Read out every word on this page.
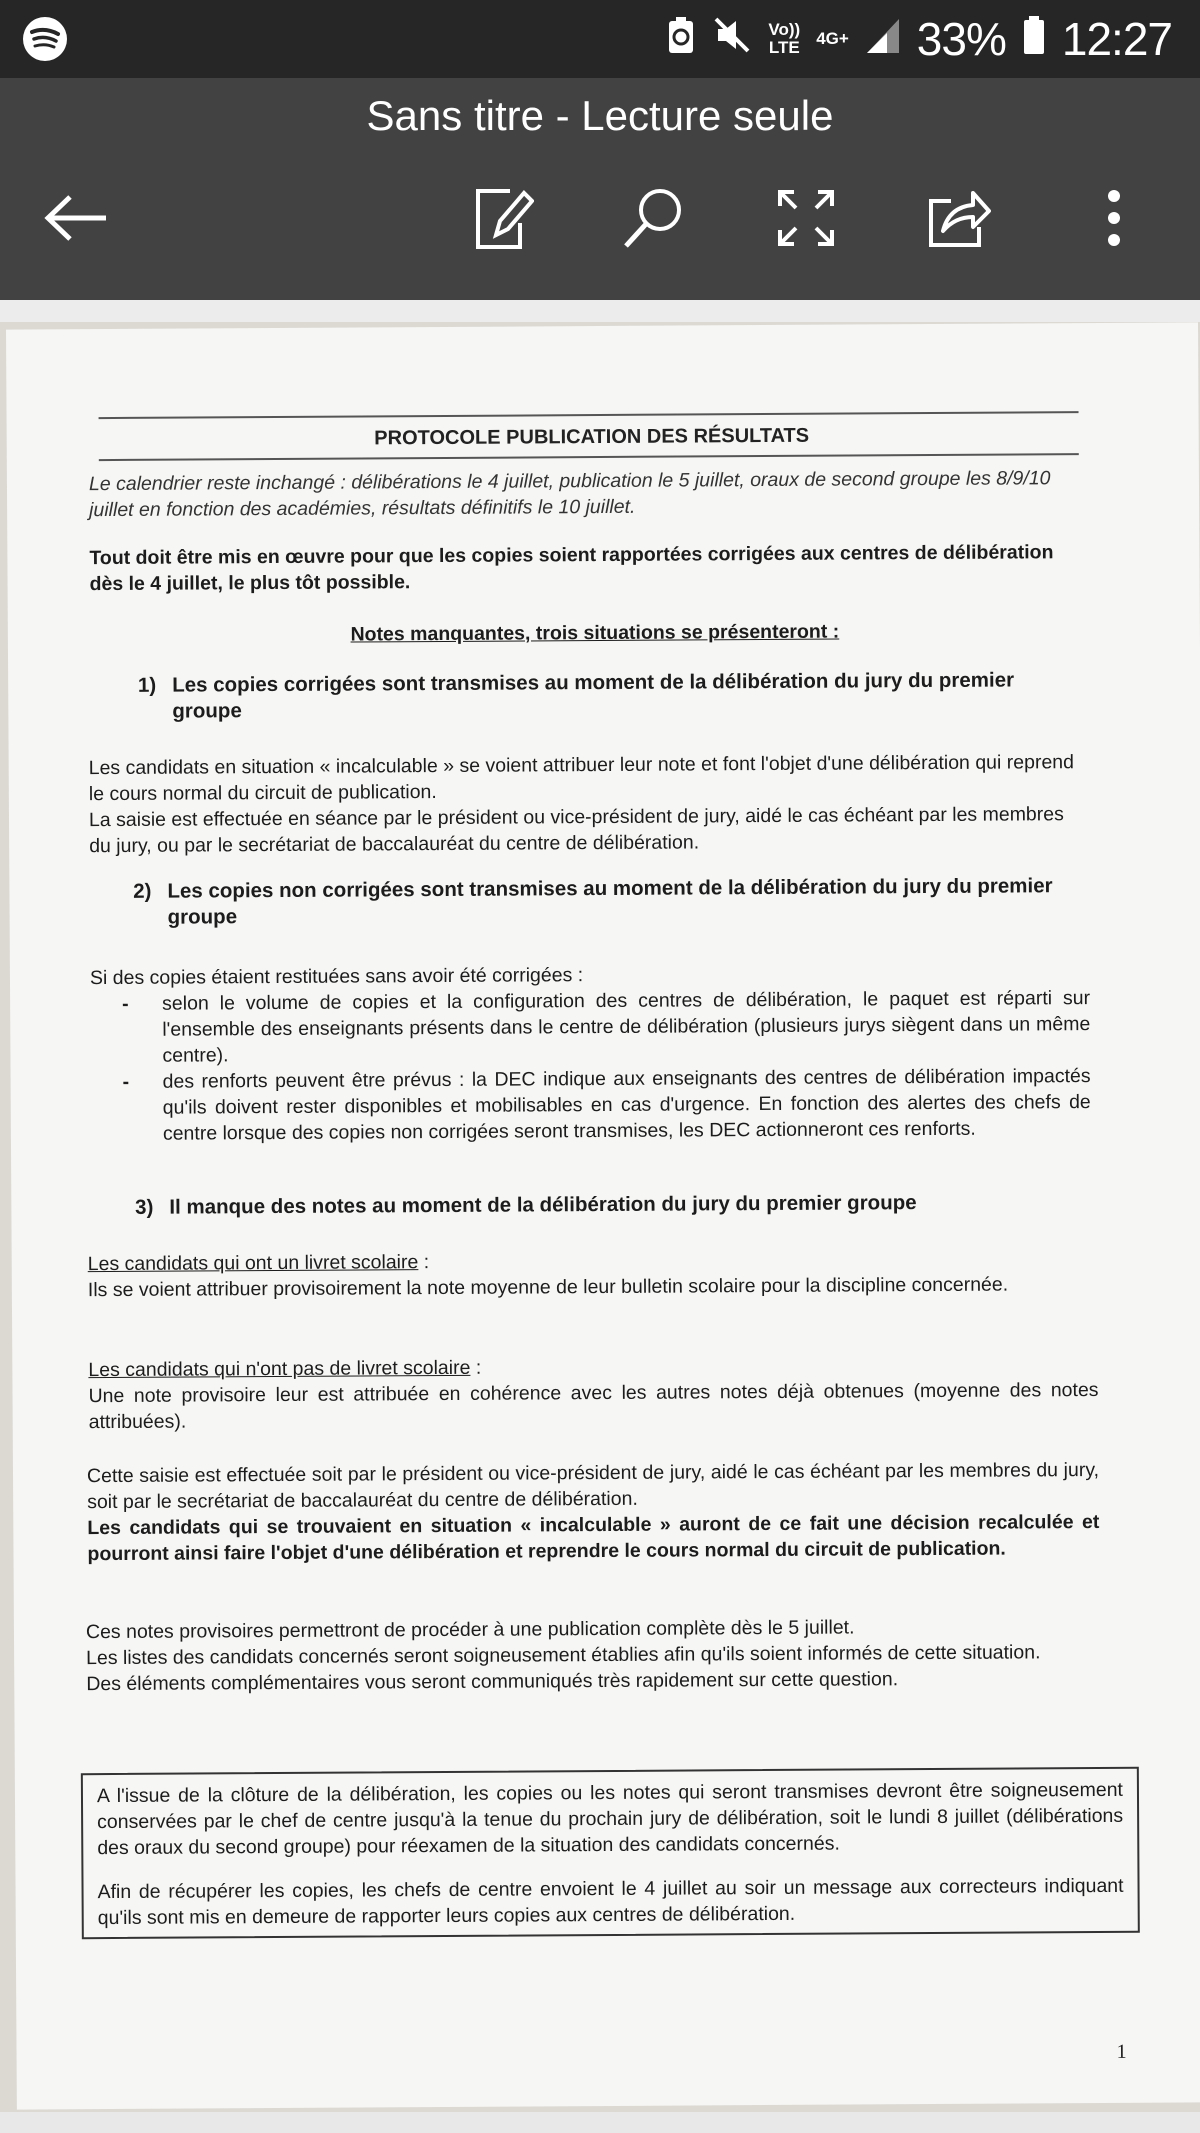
Vo))
LTE 4G+ 33% 12:27
Sans titre - Lecture seule
PROTOCOLE PUBLICATION DES RÉSULTATS
Le calendrier reste inchangé : délibérations le 4 juillet, publication le 5 juillet, oraux de second groupe les 8/9/10 juillet en fonction des académies, résultats définitifs le 10 juillet.
Tout doit être mis en œuvre pour que les copies soient rapportées corrigées aux centres de délibération dès le 4 juillet, le plus tôt possible.
Notes manquantes, trois situations se présenteront :
1) Les copies corrigées sont transmises au moment de la délibération du jury du premier groupe
Les candidats en situation « incalculable » se voient attribuer leur note et font l'objet d'une délibération qui reprend le cours normal du circuit de publication.
La saisie est effectuée en séance par le président ou vice-président de jury, aidé le cas échéant par les membres du jury, ou par le secrétariat de baccalauréat du centre de délibération.
2) Les copies non corrigées sont transmises au moment de la délibération du jury du premier groupe
Si des copies étaient restituées sans avoir été corrigées :
- selon le volume de copies et la configuration des centres de délibération, le paquet est réparti sur l'ensemble des enseignants présents dans le centre de délibération (plusieurs jurys siègent dans un même centre).
- des renforts peuvent être prévus : la DEC indique aux enseignants des centres de délibération impactés qu'ils doivent rester disponibles et mobilisables en cas d'urgence. En fonction des alertes des chefs de centre lorsque des copies non corrigées seront transmises, les DEC actionneront ces renforts.
3) Il manque des notes au moment de la délibération du jury du premier groupe
Les candidats qui ont un livret scolaire :
Ils se voient attribuer provisoirement la note moyenne de leur bulletin scolaire pour la discipline concernée.
Les candidats qui n'ont pas de livret scolaire :
Une note provisoire leur est attribuée en cohérence avec les autres notes déjà obtenues (moyenne des notes attribuées).
Cette saisie est effectuée soit par le président ou vice-président de jury, aidé le cas échéant par les membres du jury, soit par le secrétariat de baccalauréat du centre de délibération.
Les candidats qui se trouvaient en situation « incalculable » auront de ce fait une décision recalculée et pourront ainsi faire l'objet d'une délibération et reprendre le cours normal du circuit de publication.
Ces notes provisoires permettront de procéder à une publication complète dès le 5 juillet.
Les listes des candidats concernés seront soigneusement établies afin qu'ils soient informés de cette situation.
Des éléments complémentaires vous seront communiqués très rapidement sur cette question.

A l'issue de la clôture de la délibération, les copies ou les notes qui seront transmises devront être soigneusement conservées par le chef de centre jusqu'à la tenue du prochain jury de délibération, soit le lundi 8 juillet (délibérations des oraux du second groupe) pour réexamen de la situation des candidats concernés.

Afin de récupérer les copies, les chefs de centre envoient le 4 juillet au soir un message aux correcteurs indiquant qu'ils sont mis en demeure de rapporter leurs copies aux centres de délibération.

1
